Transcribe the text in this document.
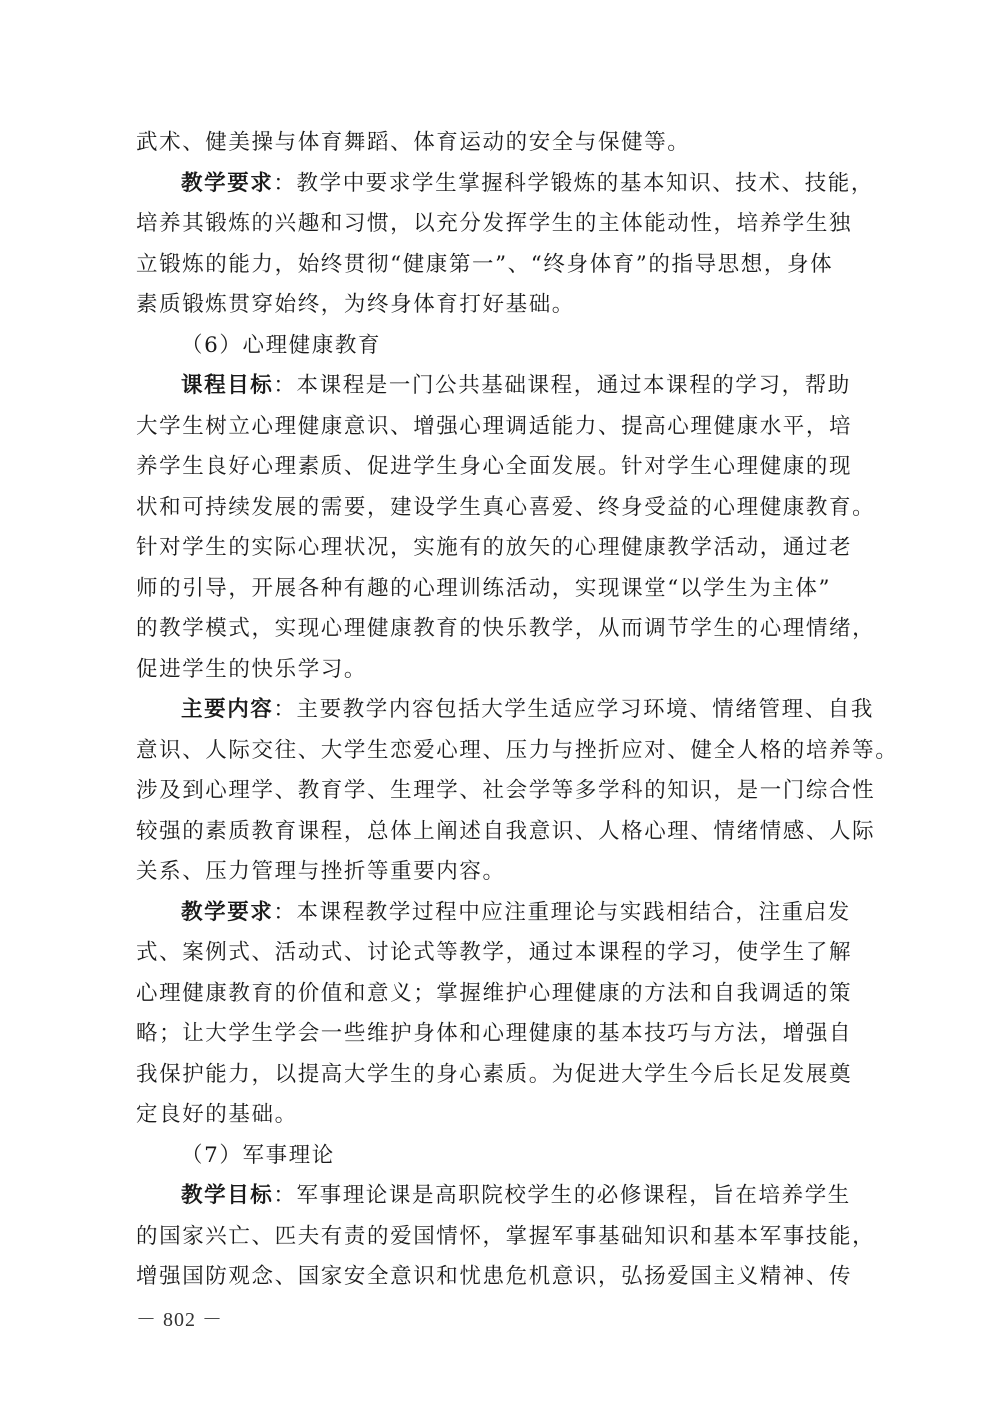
武术、健美操与体育舞蹈、体育运动的安全与保健等。
教学要求：教学中要求学生掌握科学锻炼的基本知识、技术、技能，
培养其锻炼的兴趣和习惯，以充分发挥学生的主体能动性，培养学生独
立锻炼的能力，始终贯彻“健康第一”、“终身体育”的指导思想，身体
素质锻炼贯穿始终，为终身体育打好基础。
（6）心理健康教育
课程目标：本课程是一门公共基础课程，通过本课程的学习，帮助
大学生树立心理健康意识、增强心理调适能力、提高心理健康水平，培
养学生良好心理素质、促进学生身心全面发展。针对学生心理健康的现
状和可持续发展的需要，建设学生真心喜爱、终身受益的心理健康教育。
针对学生的实际心理状况，实施有的放矢的心理健康教学活动，通过老
师的引导，开展各种有趣的心理训练活动，实现课堂“以学生为主体”
的教学模式，实现心理健康教育的快乐教学，从而调节学生的心理情绪，
促进学生的快乐学习。
主要内容：主要教学内容包括大学生适应学习环境、情绪管理、自我
意识、人际交往、大学生恋爱心理、压力与挫折应对、健全人格的培养等。
涉及到心理学、教育学、生理学、社会学等多学科的知识，是一门综合性
较强的素质教育课程，总体上阐述自我意识、人格心理、情绪情感、人际
关系、压力管理与挫折等重要内容。
教学要求：本课程教学过程中应注重理论与实践相结合，注重启发
式、案例式、活动式、讨论式等教学，通过本课程的学习，使学生了解
心理健康教育的价值和意义；掌握维护心理健康的方法和自我调适的策
略；让大学生学会一些维护身体和心理健康的基本技巧与方法，增强自
我保护能力，以提高大学生的身心素质。为促进大学生今后长足发展奠
定良好的基础。
（7）军事理论
教学目标：军事理论课是高职院校学生的必修课程，旨在培养学生
的国家兴亡、匹夫有责的爱国情怀，掌握军事基础知识和基本军事技能，
增强国防观念、国家安全意识和忧患危机意识，弘扬爱国主义精神、传
－ 802 －
